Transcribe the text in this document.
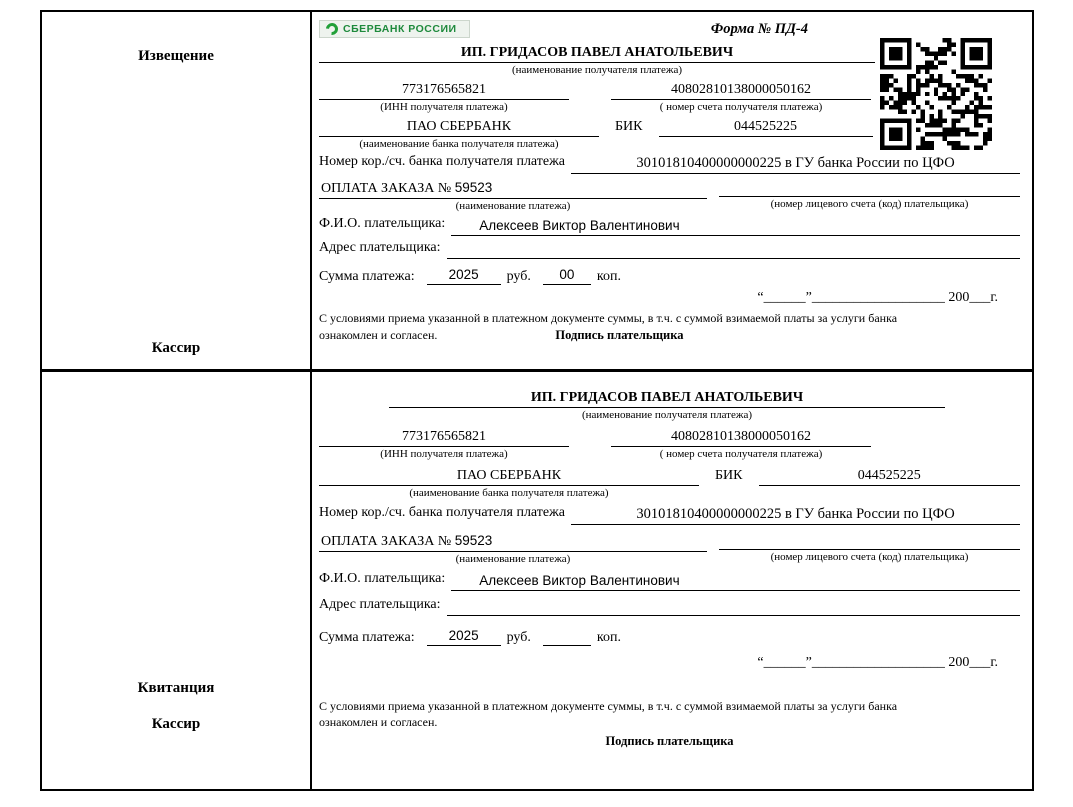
Извещение
Кассир
СБЕРБАНК РОССИИ	Форма № ПД-4
ИП. ГРИДАСОВ ПАВЕЛ АНАТОЛЬЕВИЧ
(наименование получателя платежа)
773176565821
(ИНН получателя платежа)
40802810138000050162
( номер счета получателя платежа)
ПАО СБЕРБАНК
(наименование банка получателя платежа)
БИК	044525225
Номер кор./сч. банка получателя платежа	30101810400000000225 в ГУ банка России по ЦФО
ОПЛАТА ЗАКАЗА № 59523
(наименование платежа)	(номер лицевого счета (код) плательщика)
Ф.И.О. плательщика:	Алексеев Виктор Валентинович
Адрес плательщика:
Сумма платежа:	2025	руб.	00	коп.
“______”___________________ 200___г.
С условиями приема указанной в платежном документе суммы, в т.ч. с суммой взимаемой платы за услуги банка
ознакомлен и согласен.	Подпись плательщика
Квитанция
Кассир
ИП. ГРИДАСОВ ПАВЕЛ АНАТОЛЬЕВИЧ
(наименование получателя платежа)
773176565821
(ИНН получателя платежа)
40802810138000050162
( номер счета получателя платежа)
ПАО СБЕРБАНК
(наименование банка получателя платежа)
БИК	044525225
Номер кор./сч. банка получателя платежа	30101810400000000225 в ГУ банка России по ЦФО
ОПЛАТА ЗАКАЗА № 59523
(наименование платежа)	(номер лицевого счета (код) плательщика)
Ф.И.О. плательщика:	Алексеев Виктор Валентинович
Адрес плательщика:
Сумма платежа:	2025	руб.	коп.
“______”___________________ 200___г.
С условиями приема указанной в платежном документе суммы, в т.ч. с суммой взимаемой платы за услуги банка
ознакомлен и согласен.
Подпись плательщика
